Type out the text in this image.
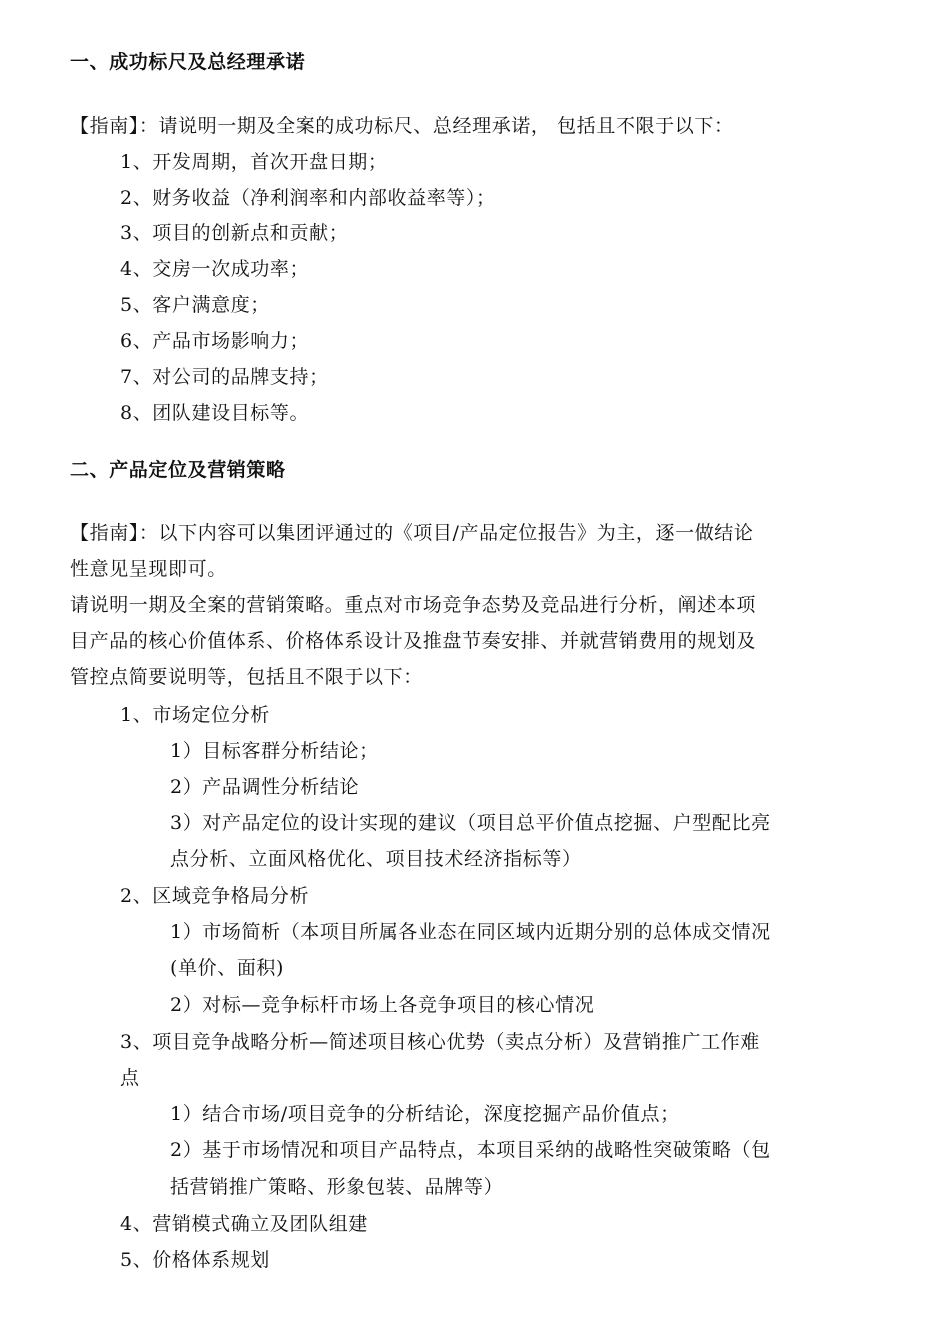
一、成功标尺及总经理承诺
【指南】：请说明一期及全案的成功标尺、总经理承诺， 包括且不限于以下：
1、开发周期，首次开盘日期；
2、财务收益（净利润率和内部收益率等）；
3、项目的创新点和贡献；
4、交房一次成功率；
5、客户满意度；
6、产品市场影响力；
7、对公司的品牌支持；
8、团队建设目标等。
二、产品定位及营销策略
【指南】：以下内容可以集团评通过的《项目/产品定位报告》为主，逐一做结论
性意见呈现即可。
请说明一期及全案的营销策略。重点对市场竞争态势及竞品进行分析，阐述本项
目产品的核心价值体系、价格体系设计及推盘节奏安排、并就营销费用的规划及
管控点简要说明等，包括且不限于以下：
1、市场定位分析
1）目标客群分析结论；
2）产品调性分析结论
3）对产品定位的设计实现的建议（项目总平价值点挖掘、户型配比亮
点分析、立面风格优化、项目技术经济指标等）
2、区域竞争格局分析
1）市场简析（本项目所属各业态在同区域内近期分别的总体成交情况
(单价、面积)
2）对标—竞争标杆市场上各竞争项目的核心情况
3、项目竞争战略分析—简述项目核心优势（卖点分析）及营销推广工作难
点
1）结合市场/项目竞争的分析结论，深度挖掘产品价值点；
2）基于市场情况和项目产品特点，本项目采纳的战略性突破策略（包
括营销推广策略、形象包装、品牌等）
4、营销模式确立及团队组建
5、价格体系规划
